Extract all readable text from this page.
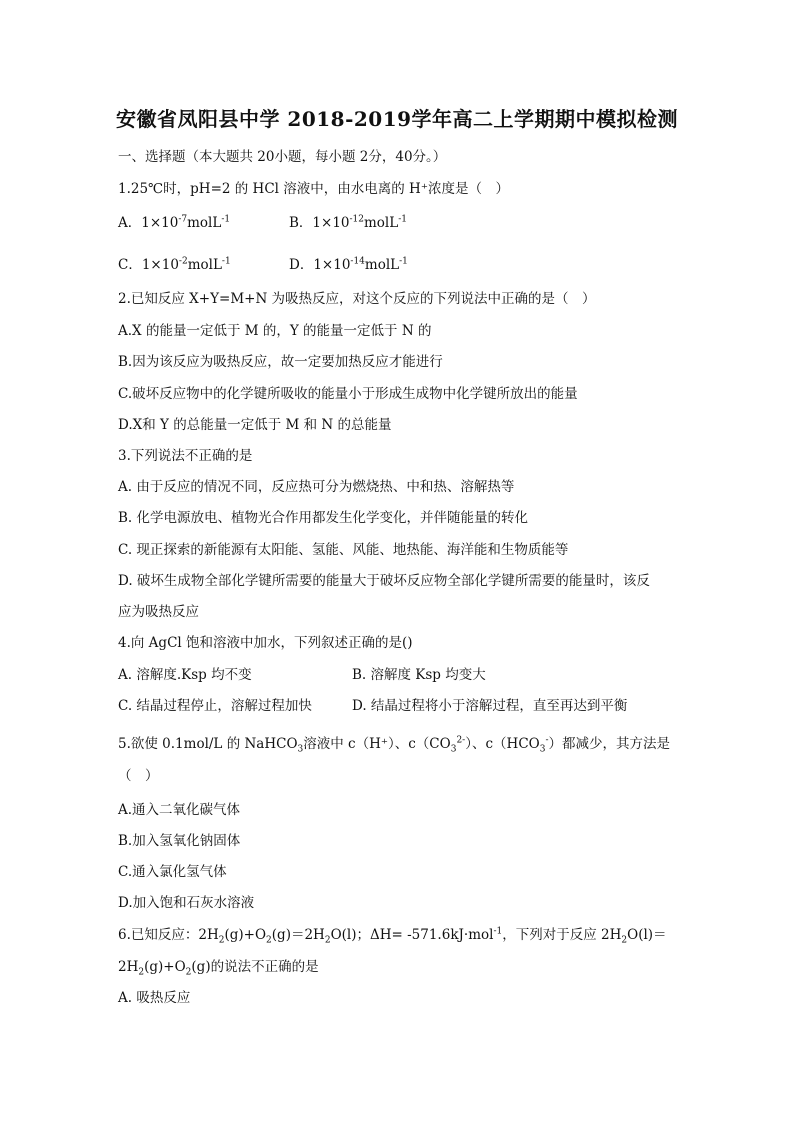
安徽省凤阳县中学 2018-2019学年高二上学期期中模拟检测
一、选择题（本大题共 20小题，每小题 2分，40分。）
1.25℃时，pH=2 的 HCl 溶液中，由水电离的 H⁺浓度是（　）
A．$1\times 10^{-7}molL^{-1}$	B．$1\times 10^{-12}molL^{-1}$
C．$1\times 10^{-2}molL^{-1}$	D．$1\times 10^{-14}molL^{-1}$
2.已知反应 X+Y=M+N 为吸热反应，对这个反应的下列说法中正确的是（　）
A.X 的能量一定低于 M 的，Y 的能量一定低于 N 的
B.因为该反应为吸热反应，故一定要加热反应才能进行
C.破坏反应物中的化学键所吸收的能量小于形成生成物中化学键所放出的能量
D.X和 Y 的总能量一定低于 M 和 N 的总能量
3.下列说法不正确的是
A. 由于反应的情况不同，反应热可分为燃烧热、中和热、溶解热等
B. 化学电源放电、植物光合作用都发生化学变化，并伴随能量的转化
C. 现正探索的新能源有太阳能、氢能、风能、地热能、海洋能和生物质能等
D. 破坏生成物全部化学键所需要的能量大于破坏反应物全部化学键所需要的能量时，该反
应为吸热反应
4.向 AgCl 饱和溶液中加水，下列叙述正确的是()
A. 溶解度.Ksp 均不变	B. 溶解度 Ksp 均变大
C. 结晶过程停止，溶解过程加快	D. 结晶过程将小于溶解过程，直至再达到平衡
5.欲使 0.1mol/L 的 NaHCO$_3$溶液中 c（H⁺）、$c(CO_3^{2-})$、$c(HCO_3^-)$都减少，其方法是
（　）
A.通入二氧化碳气体
B.加入氢氧化钠固体
C.通入氯化氢气体
D.加入饱和石灰水溶液
6.已知反应：$2H_2(g)+O_2(g)=2H_2O(l)$；ΔH= -571.6kJ·mol$^{-1}$，下列对于反应 $2H_2O(l)=$
$2H_2(g)+O_2(g)$的说法不正确的是
A. 吸热反应
